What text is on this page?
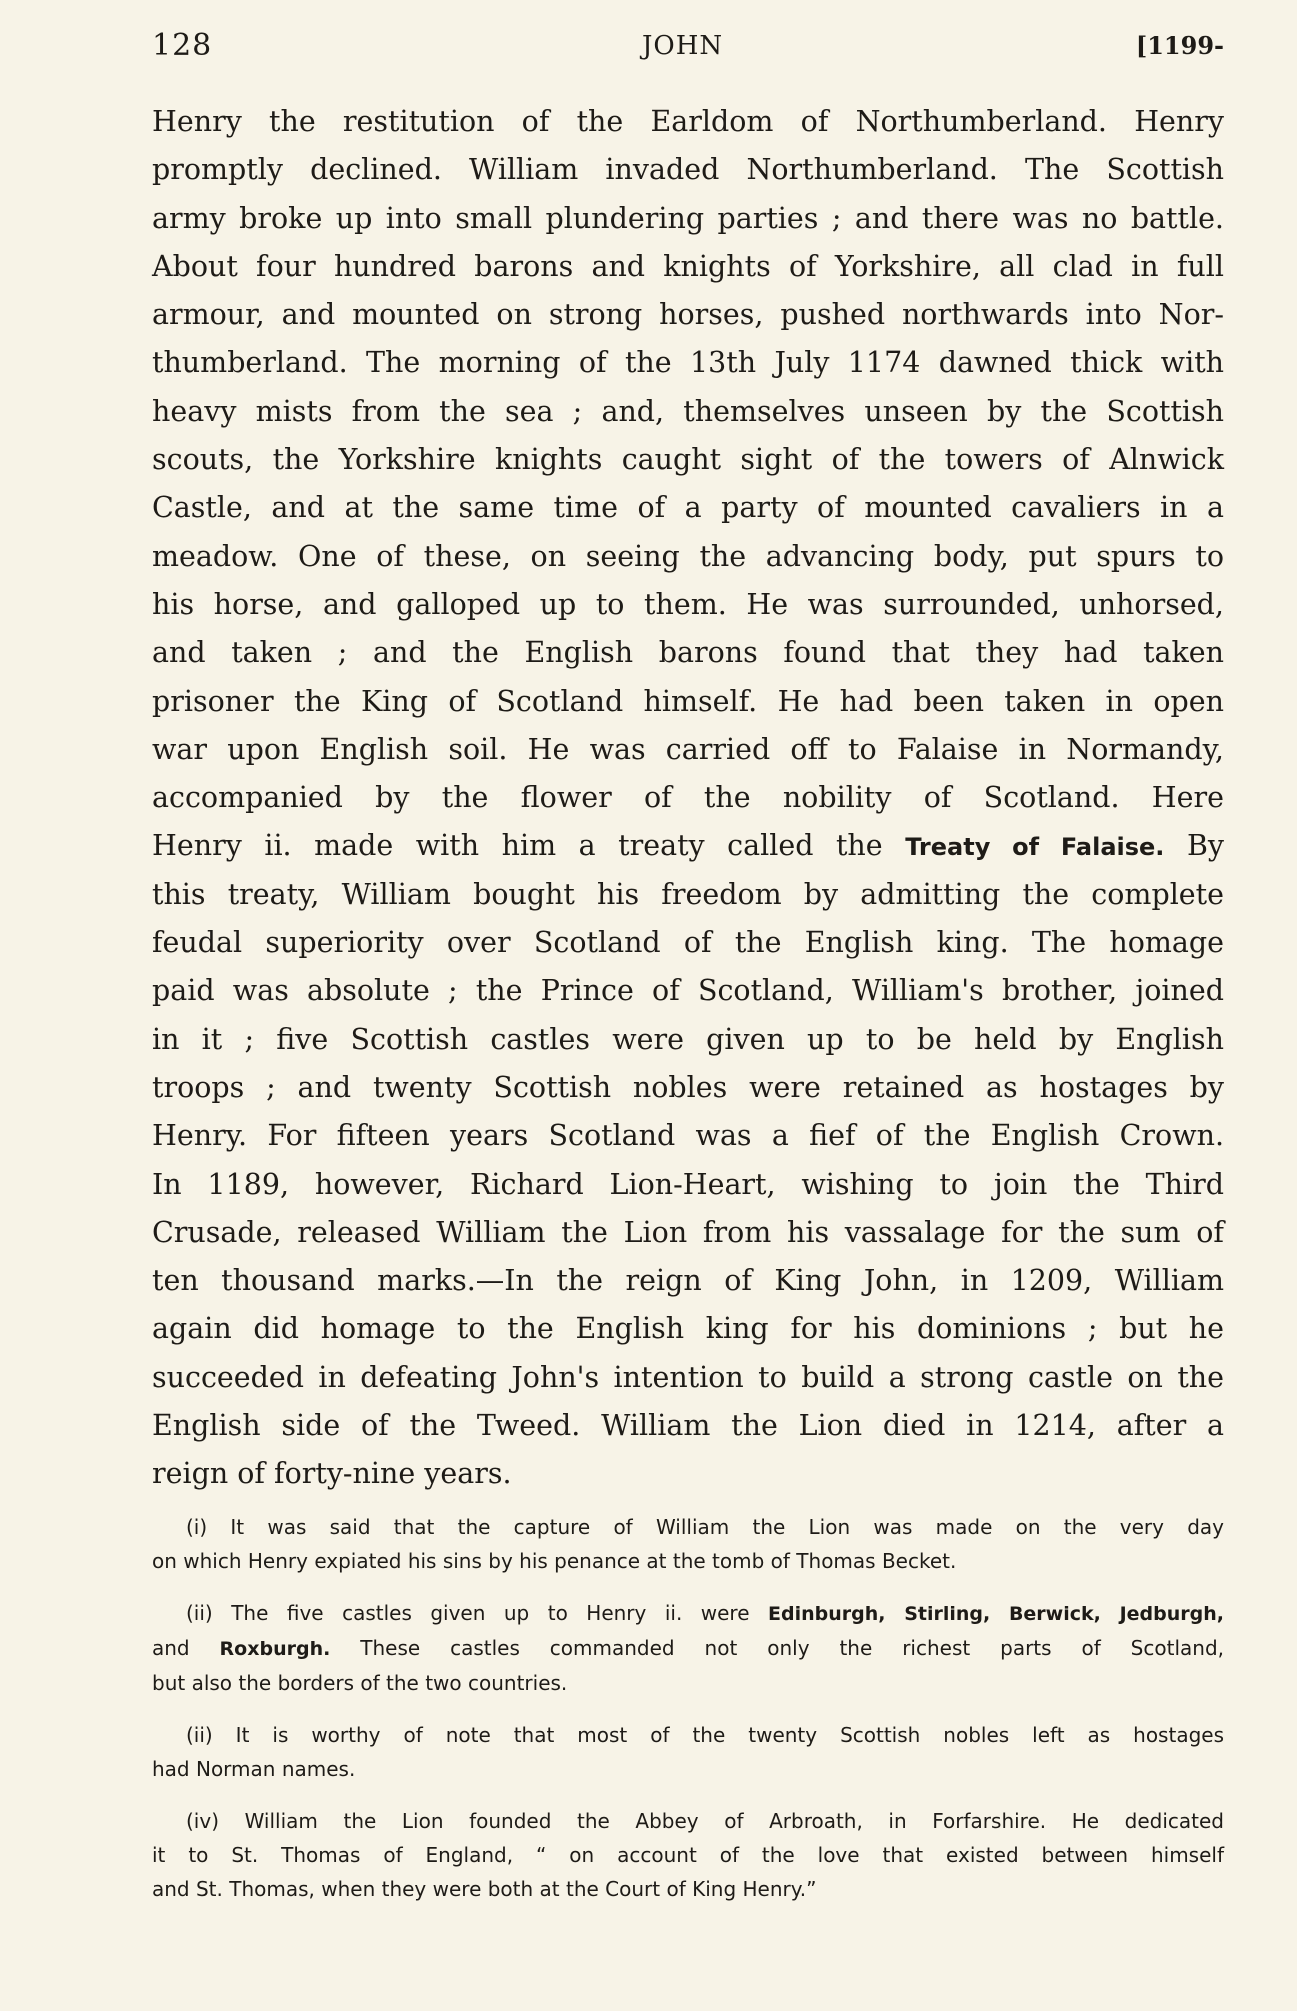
128	JOHN	[1199-
Henry the restitution of the Earldom of Northumberland. Henry
promptly declined. William invaded Northumberland. The Scottish
army broke up into small plundering parties ; and there was no battle.
About four hundred barons and knights of Yorkshire, all clad in full
armour, and mounted on strong horses, pushed northwards into Nor-
thumberland. The morning of the 13th July 1174 dawned thick with
heavy mists from the sea ; and, themselves unseen by the Scottish
scouts, the Yorkshire knights caught sight of the towers of Alnwick
Castle, and at the same time of a party of mounted cavaliers in a
meadow. One of these, on seeing the advancing body, put spurs to
his horse, and galloped up to them. He was surrounded, unhorsed,
and taken ; and the English barons found that they had taken
prisoner the King of Scotland himself. He had been taken in open
war upon English soil. He was carried off to Falaise in Normandy,
accompanied by the flower of the nobility of Scotland. Here
Henry ii. made with him a treaty called the Treaty of Falaise. By
this treaty, William bought his freedom by admitting the complete
feudal superiority over Scotland of the English king. The homage
paid was absolute ; the Prince of Scotland, William's brother, joined
in it ; five Scottish castles were given up to be held by English
troops ; and twenty Scottish nobles were retained as hostages by
Henry. For fifteen years Scotland was a fief of the English Crown.
In 1189, however, Richard Lion-Heart, wishing to join the Third
Crusade, released William the Lion from his vassalage for the sum of
ten thousand marks.—In the reign of King John, in 1209, William
again did homage to the English king for his dominions ; but he
succeeded in defeating John's intention to build a strong castle on the
English side of the Tweed. William the Lion died in 1214, after a
reign of forty-nine years.

(i) It was said that the capture of William the Lion was made on the very day
on which Henry expiated his sins by his penance at the tomb of Thomas Becket.

(ii) The five castles given up to Henry ii. were Edinburgh, Stirling, Berwick, Jedburgh,
and Roxburgh. These castles commanded not only the richest parts of Scotland,
but also the borders of the two countries.

(ii) It is worthy of note that most of the twenty Scottish nobles left as hostages
had Norman names.

(iv) William the Lion founded the Abbey of Arbroath, in Forfarshire. He dedicated
it to St. Thomas of England, “ on account of the love that existed between himself
and St. Thomas, when they were both at the Court of King Henry.”
